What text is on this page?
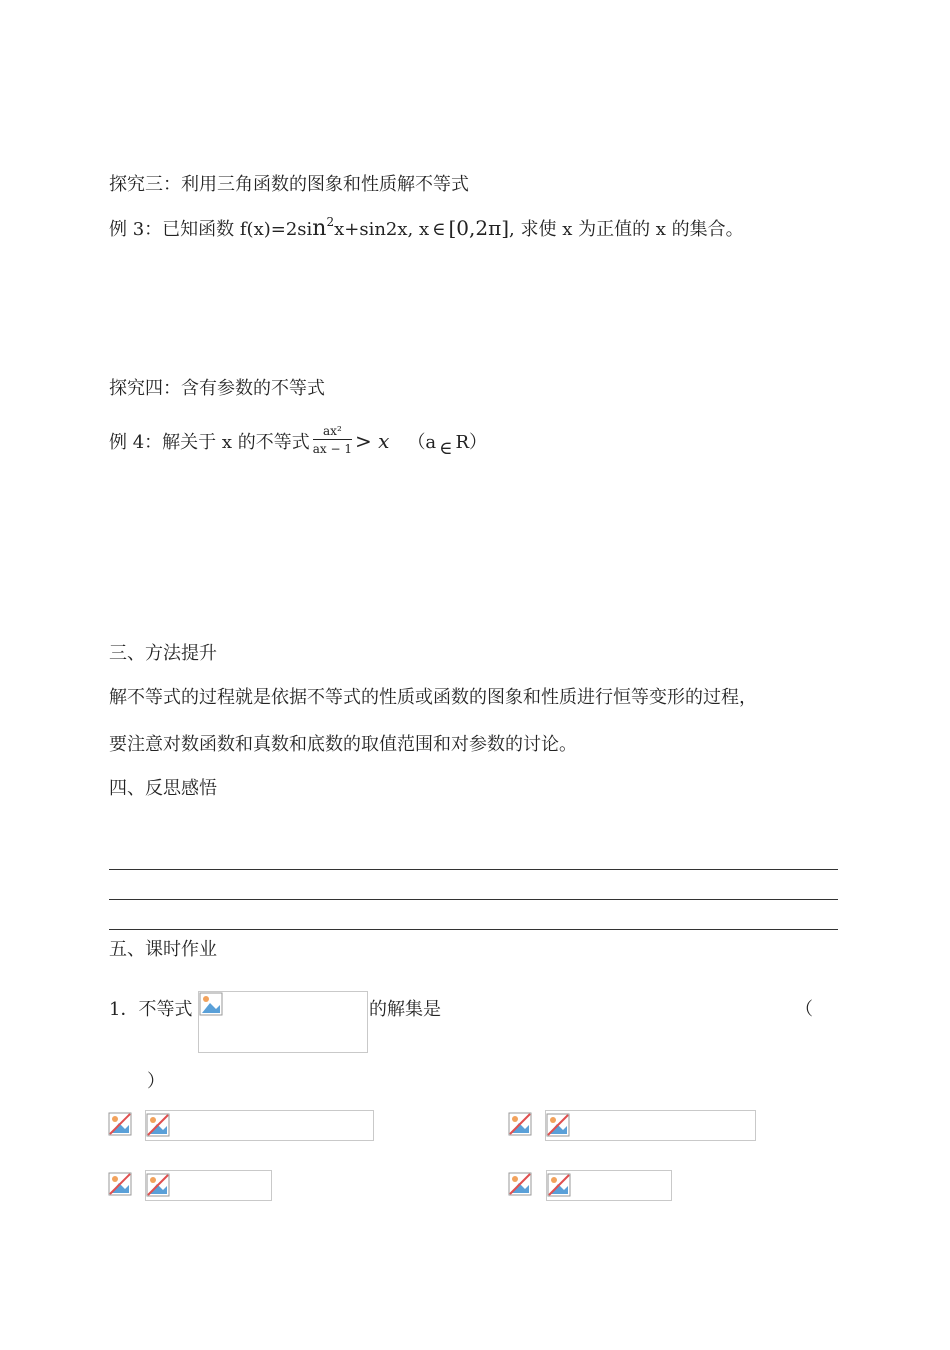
探究三：利用三角函数的图象和性质解不等式
例 3：已知函数 $f(x)=2\sin^2x+\sin 2x$, x ∈ [0,2π], 求使 x 为正值的 x 的集合。
探究四：含有参数的不等式
例 4：解关于 x 的不等式 $\frac{\text{ax²}}{ax - 1} > x$ （a ∈ R）
三、方法提升
解不等式的过程就是依据不等式的性质或函数的图象和性质进行恒等变形的过程，
要注意对数函数和真数和底数的取值范围和对参数的讨论。
四、反思感悟
五、课时作业
1．不等式	的解集是	（
）
